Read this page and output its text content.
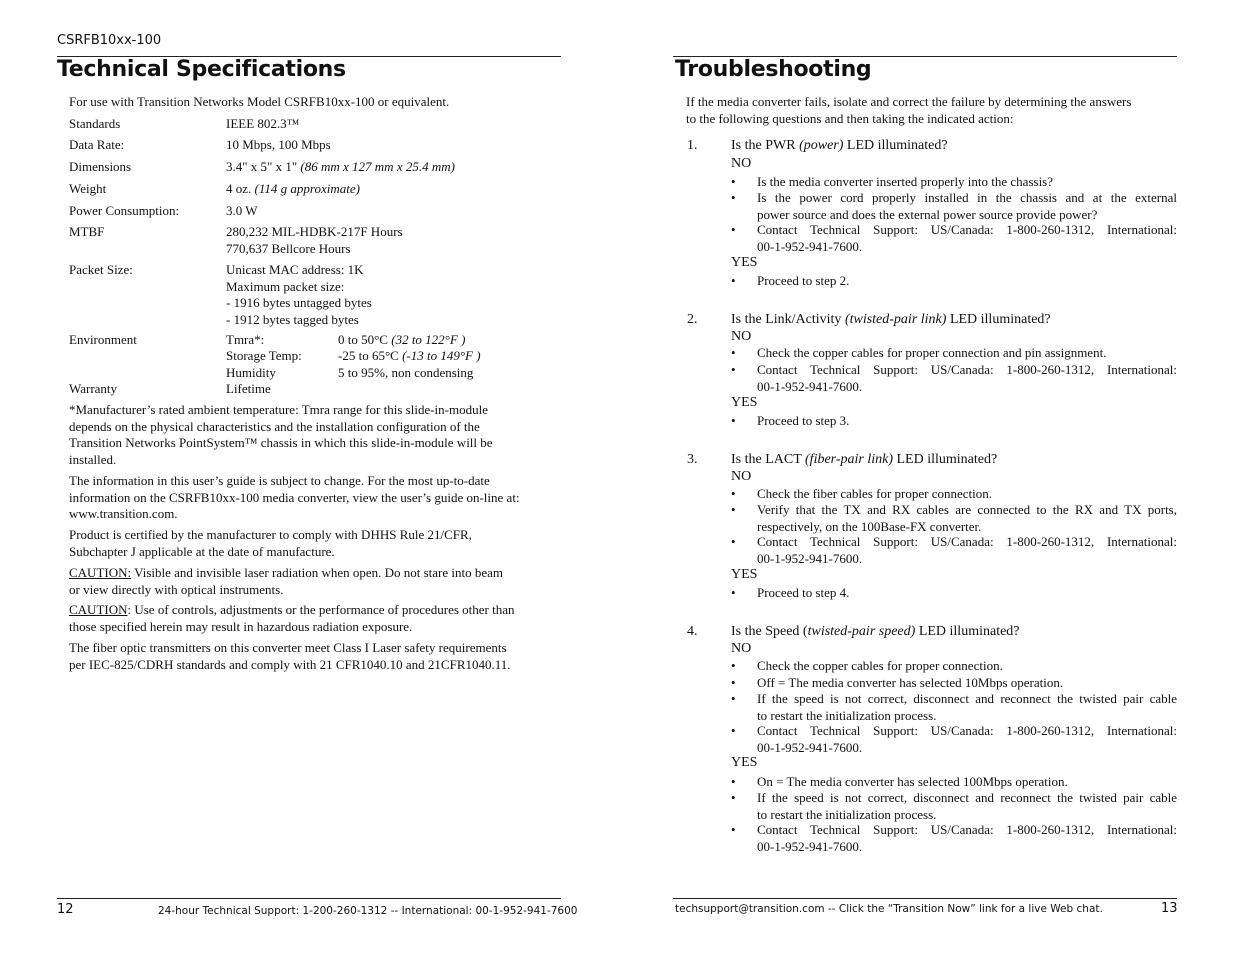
CSRFB10xx-100
Technical Specifications
For use with Transition Networks Model CSRFB10xx-100 or equivalent.
Standards	IEEE 802.3™
Data Rate:	10 Mbps, 100 Mbps
Dimensions	3.4" x 5" x 1" (86 mm x 127 mm x 25.4 mm)
Weight	4 oz. (114 g approximate)
Power Consumption:	3.0 W
MTBF	280,232 MIL-HDBK-217F Hours
770,637 Bellcore Hours
Packet Size:	Unicast MAC address: 1K
Maximum packet size:
- 1916 bytes untagged bytes
- 1912 bytes tagged bytes
Environment	Tmra*:	0 to 50°C (32 to 122°F )
Storage Temp:	-25 to 65°C (-13 to 149°F )
Humidity	5 to 95%, non condensing
Warranty	Lifetime
*Manufacturer’s rated ambient temperature: Tmra range for this slide-in-module
depends on the physical characteristics and the installation configuration of the
Transition Networks PointSystem™ chassis in which this slide-in-module will be
installed.
The information in this user’s guide is subject to change. For the most up-to-date
information on the CSRFB10xx-100 media converter, view the user’s guide on-line at:
www.transition.com.
Product is certified by the manufacturer to comply with DHHS Rule 21/CFR,
Subchapter J applicable at the date of manufacture.
CAUTION: Visible and invisible laser radiation when open. Do not stare into beam
or view directly with optical instruments.
CAUTION: Use of controls, adjustments or the performance of procedures other than
those specified herein may result in hazardous radiation exposure.
The fiber optic transmitters on this converter meet Class I Laser safety requirements
per IEC-825/CDRH standards and comply with 21 CFR1040.10 and 21CFR1040.11.
12	24-hour Technical Support: 1-200-260-1312 -- International: 00-1-952-941-7600
Troubleshooting
If the media converter fails, isolate and correct the failure by determining the answers
to the following questions and then taking the indicated action:
1. Is the PWR (power) LED illuminated?
NO
• Is the media converter inserted properly into the chassis?
• Is the power cord properly installed in the chassis and at the external
power source and does the external power source provide power?
• Contact Technical Support: US/Canada: 1-800-260-1312, International:
00-1-952-941-7600.
YES
• Proceed to step 2.
2. Is the Link/Activity (twisted-pair link) LED illuminated?
NO
• Check the copper cables for proper connection and pin assignment.
• Contact Technical Support: US/Canada: 1-800-260-1312, International:
00-1-952-941-7600.
YES
• Proceed to step 3.
3. Is the LACT (fiber-pair link) LED illuminated?
NO
• Check the fiber cables for proper connection.
• Verify that the TX and RX cables are connected to the RX and TX ports,
respectively, on the 100Base-FX converter.
• Contact Technical Support: US/Canada: 1-800-260-1312, International:
00-1-952-941-7600.
YES
• Proceed to step 4.
4. Is the Speed (twisted-pair speed) LED illuminated?
NO
• Check the copper cables for proper connection.
• Off = The media converter has selected 10Mbps operation.
• If the speed is not correct, disconnect and reconnect the twisted pair cable
to restart the initialization process.
• Contact Technical Support: US/Canada: 1-800-260-1312, International:
00-1-952-941-7600.
YES
• On = The media converter has selected 100Mbps operation.
• If the speed is not correct, disconnect and reconnect the twisted pair cable
to restart the initialization process.
• Contact Technical Support: US/Canada: 1-800-260-1312, International:
00-1-952-941-7600.
techsupport@transition.com -- Click the “Transition Now” link for a live Web chat.	13
